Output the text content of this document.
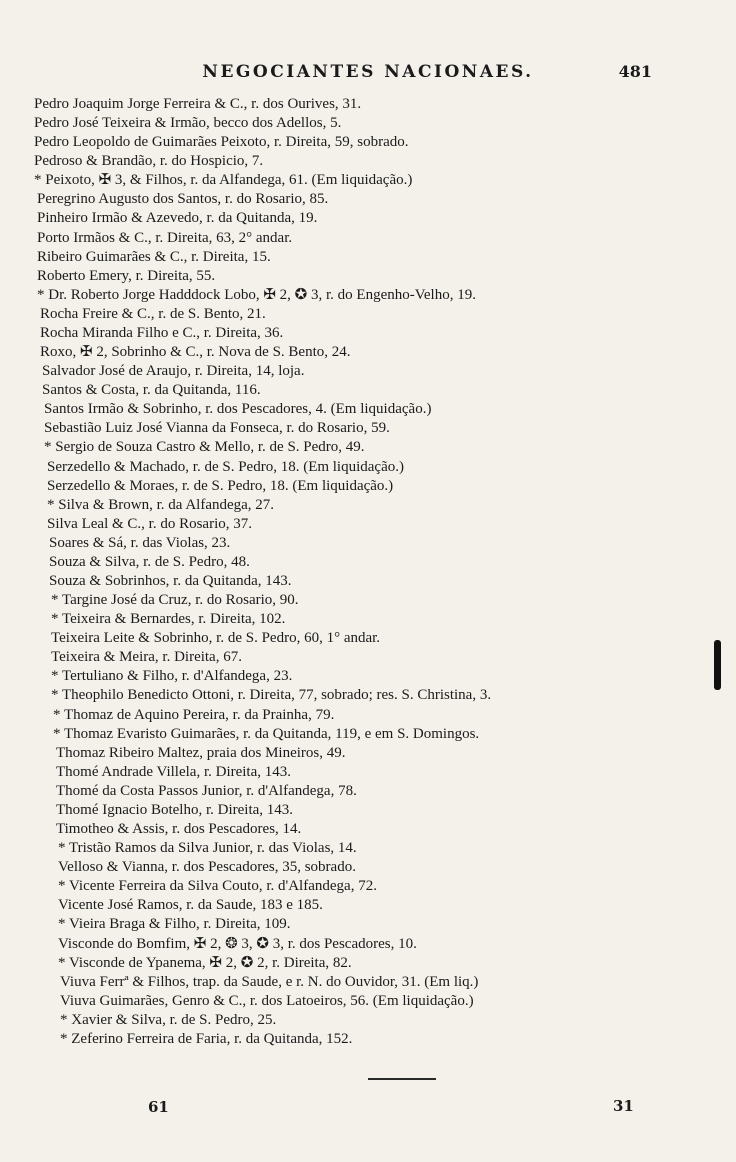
NEGOCIANTES NACIONAES.	481
Pedro Joaquim Jorge Ferreira & C., r. dos Ourives, 31.
Pedro José Teixeira & Irmão, becco dos Adellos, 5.
Pedro Leopoldo de Guimarães Peixoto, r. Direita, 59, sobrado.
Pedroso & Brandão, r. do Hospicio, 7.
* Peixoto, ✠ 3, & Filhos, r. da Alfandega, 61. (Em liquidação.)
Peregrino Augusto dos Santos, r. do Rosario, 85.
Pinheiro Irmão & Azevedo, r. da Quitanda, 19.
Porto Irmãos & C., r. Direita, 63, 2° andar.
Ribeiro Guimarães & C., r. Direita, 15.
Roberto Emery, r. Direita, 55.
* Dr. Roberto Jorge Hadddock Lobo, ✠ 2, ✪ 3, r. do Engenho-Velho, 19.
Rocha Freire & C., r. de S. Bento, 21.
Rocha Miranda Filho e C., r. Direita, 36.
Roxo, ✠ 2, Sobrinho & C., r. Nova de S. Bento, 24.
Salvador José de Araujo, r. Direita, 14, loja.
Santos & Costa, r. da Quitanda, 116.
Santos Irmão & Sobrinho, r. dos Pescadores, 4. (Em liquidação.)
Sebastião Luiz José Vianna da Fonseca, r. do Rosario, 59.
* Sergio de Souza Castro & Mello, r. de S. Pedro, 49.
Serzedello & Machado, r. de S. Pedro, 18. (Em liquidação.)
Serzedello & Moraes, r. de S. Pedro, 18. (Em liquidação.)
* Silva & Brown, r. da Alfandega, 27.
Silva Leal & C., r. do Rosario, 37.
Soares & Sá, r. das Violas, 23.
Souza & Silva, r. de S. Pedro, 48.
Souza & Sobrinhos, r. da Quitanda, 143.
* Targine José da Cruz, r. do Rosario, 90.
* Teixeira & Bernardes, r. Direita, 102.
Teixeira Leite & Sobrinho, r. de S. Pedro, 60, 1° andar.
Teixeira & Meira, r. Direita, 67.
* Tertuliano & Filho, r. d'Alfandega, 23.
* Theophilo Benedicto Ottoni, r. Direita, 77, sobrado; res. S. Christina, 3.
* Thomaz de Aquino Pereira, r. da Prainha, 79.
* Thomaz Evaristo Guimarães, r. da Quitanda, 119, e em S. Domingos.
Thomaz Ribeiro Maltez, praia dos Mineiros, 49.
Thomé Andrade Villela, r. Direita, 143.
Thomé da Costa Passos Junior, r. d'Alfandega, 78.
Thomé Ignacio Botelho, r. Direita, 143.
Timotheo & Assis, r. dos Pescadores, 14.
* Tristão Ramos da Silva Junior, r. das Violas, 14.
Velloso & Vianna, r. dos Pescadores, 35, sobrado.
* Vicente Ferreira da Silva Couto, r. d'Alfandega, 72.
Vicente José Ramos, r. da Saude, 183 e 185.
* Vieira Braga & Filho, r. Direita, 109.
Visconde do Bomfim, ✠ 2, ❂ 3, ✪ 3, r. dos Pescadores, 10.
* Visconde de Ypanema, ✠ 2, ✪ 2, r. Direita, 82.
Viuva Ferrª & Filhos, trap. da Saude, e r. N. do Ouvidor, 31. (Em liq.)
Viuva Guimarães, Genro & C., r. dos Latoeiros, 56. (Em liquidação.)
* Xavier & Silva, r. de S. Pedro, 25.
* Zeferino Ferreira de Faria, r. da Quitanda, 152.
61	31
